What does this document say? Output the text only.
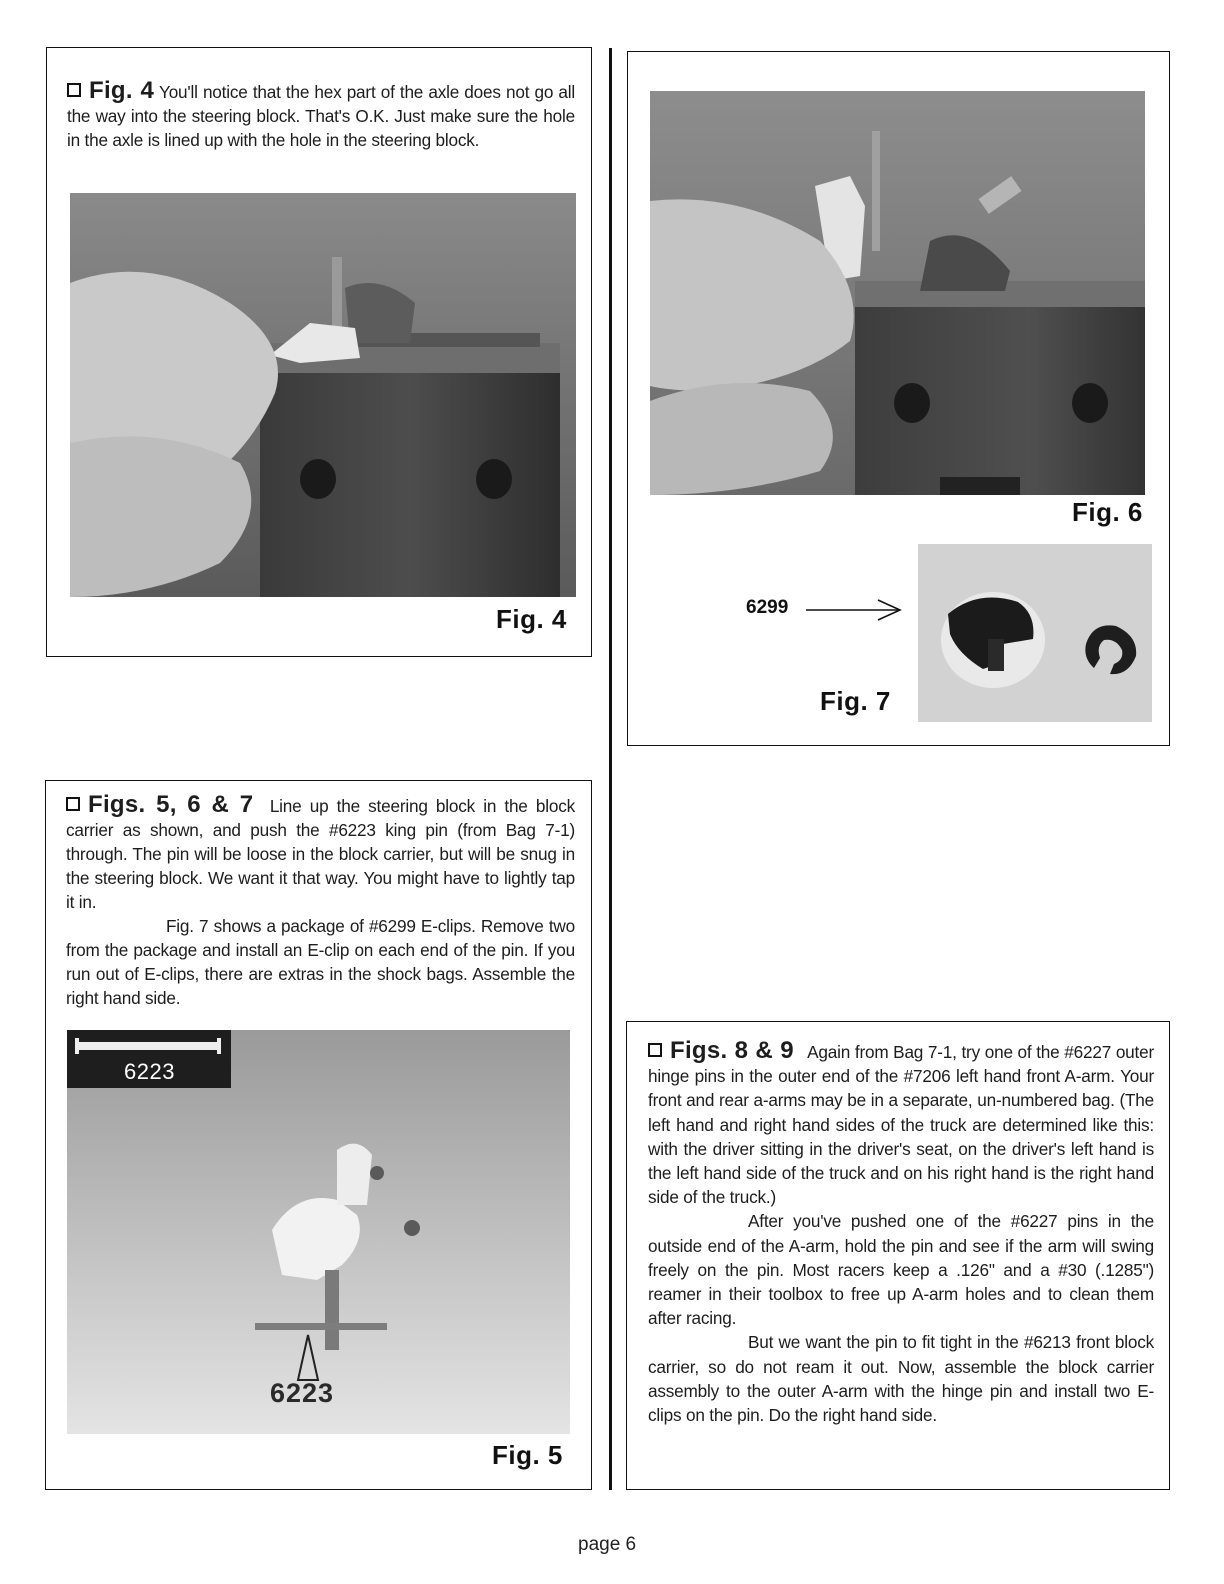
Fig. 4 You'll notice that the hex part of the axle does not go all the way into the steering block. That's O.K. Just make sure the hole in the axle is lined up with the hole in the steering block.
Fig. 4
Fig. 6
6299
Fig. 7

Figs. 5, 6 & 7 Line up the steering block in the block carrier as shown, and push the #6223 king pin (from Bag 7-1) through. The pin will be loose in the block carrier, but will be snug in the steering block. We want it that way. You might have to lightly tap it in.

Fig. 7 shows a package of #6299 E-clips. Remove two from the package and install an E-clip on each end of the pin. If you run out of E-clips, there are extras in the shock bags. Assemble the right hand side.

6223
6223
Fig. 5

Figs. 8 & 9 Again from Bag 7-1, try one of the #6227 outer hinge pins in the outer end of the #7206 left hand front A-arm. Your front and rear a-arms may be in a separate, un-numbered bag. (The left hand and right hand sides of the truck are determined like this: with the driver sitting in the driver's seat, on the driver's left hand is the left hand side of the truck and on his right hand is the right hand side of the truck.)

After you've pushed one of the #6227 pins in the outside end of the A-arm, hold the pin and see if the arm will swing freely on the pin. Most racers keep a .126" and a #30 (.1285") reamer in their toolbox to free up A-arm holes and to clean them after racing.

But we want the pin to fit tight in the #6213 front block carrier, so do not ream it out. Now, assemble the block carrier assembly to the outer A-arm with the hinge pin and install two E-clips on the pin. Do the right hand side.

page 6
